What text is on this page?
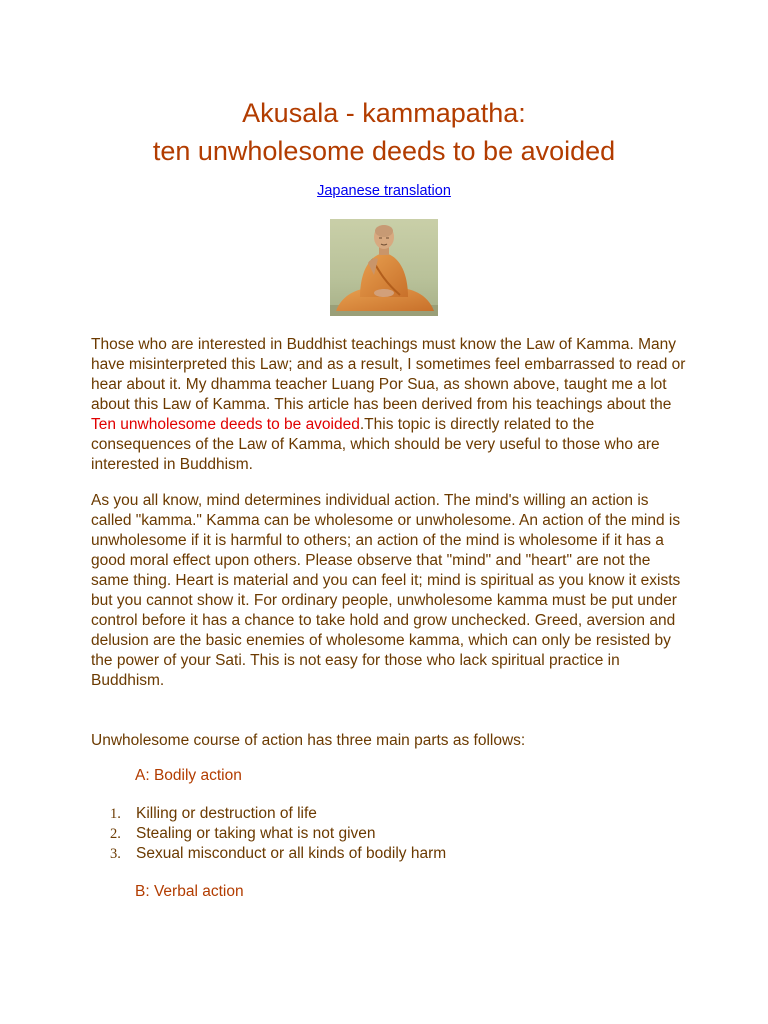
Akusala - kammapatha:
ten unwholesome deeds to be avoided
Japanese translation

Those who are interested in Buddhist teachings must know the Law of Kamma. Many have misinterpreted this Law; and as a result, I sometimes feel embarrassed to read or hear about it. My dhamma teacher Luang Por Sua, as shown above, taught me a lot about this Law of Kamma. This article has been derived from his teachings about the Ten unwholesome deeds to be avoided.This topic is directly related to the consequences of the Law of Kamma, which should be very useful to those who are interested in Buddhism.

As you all know, mind determines individual action. The mind's willing an action is called "kamma." Kamma can be wholesome or unwholesome. An action of the mind is unwholesome if it is harmful to others; an action of the mind is wholesome if it has a good moral effect upon others. Please observe that "mind" and "heart" are not the same thing. Heart is material and you can feel it; mind is spiritual as you know it exists but you cannot show it. For ordinary people, unwholesome kamma must be put under control before it has a chance to take hold and grow unchecked. Greed, aversion and delusion are the basic enemies of wholesome kamma, which can only be resisted by the power of your Sati. This is not easy for those who lack spiritual practice in Buddhism.

Unwholesome course of action has three main parts as follows:

A: Bodily action
1. Killing or destruction of life
2. Stealing or taking what is not given
3. Sexual misconduct or all kinds of bodily harm
B: Verbal action
